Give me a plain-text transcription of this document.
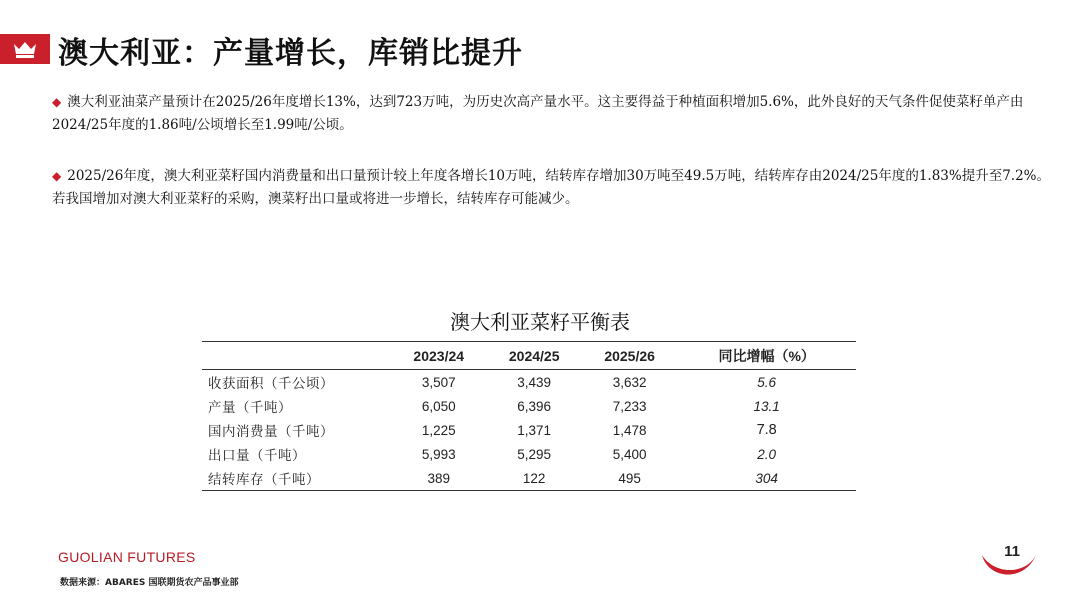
澳大利亚：产量增长，库销比提升
◆ 澳大利亚油菜产量预计在2025/26年度增长13%，达到723万吨，为历史次高产量水平。这主要得益于种植面积增加5.6%，此外良好的天气条件促使菜籽单产由2024/25年度的1.86吨/公顷增长至1.99吨/公顷。
◆ 2025/26年度，澳大利亚菜籽国内消费量和出口量预计较上年度各增长10万吨，结转库存增加30万吨至49.5万吨，结转库存由2024/25年度的1.83%提升至7.2%。若我国增加对澳大利亚菜籽的采购，澳菜籽出口量或将进一步增长，结转库存可能减少。
澳大利亚菜籽平衡表
	2023/24	2024/25	2025/26	同比增幅（%）
收获面积（千公顷）	3,507	3,439	3,632	5.6
产量（千吨）	6,050	6,396	7,233	13.1
国内消费量（千吨）	1,225	1,371	1,478	7.8
出口量（千吨）	5,993	5,295	5,400	2.0
结转库存（千吨）	389	122	495	304
GUOLIAN FUTURES
数据来源：ABARES 国联期货农产品事业部
11
